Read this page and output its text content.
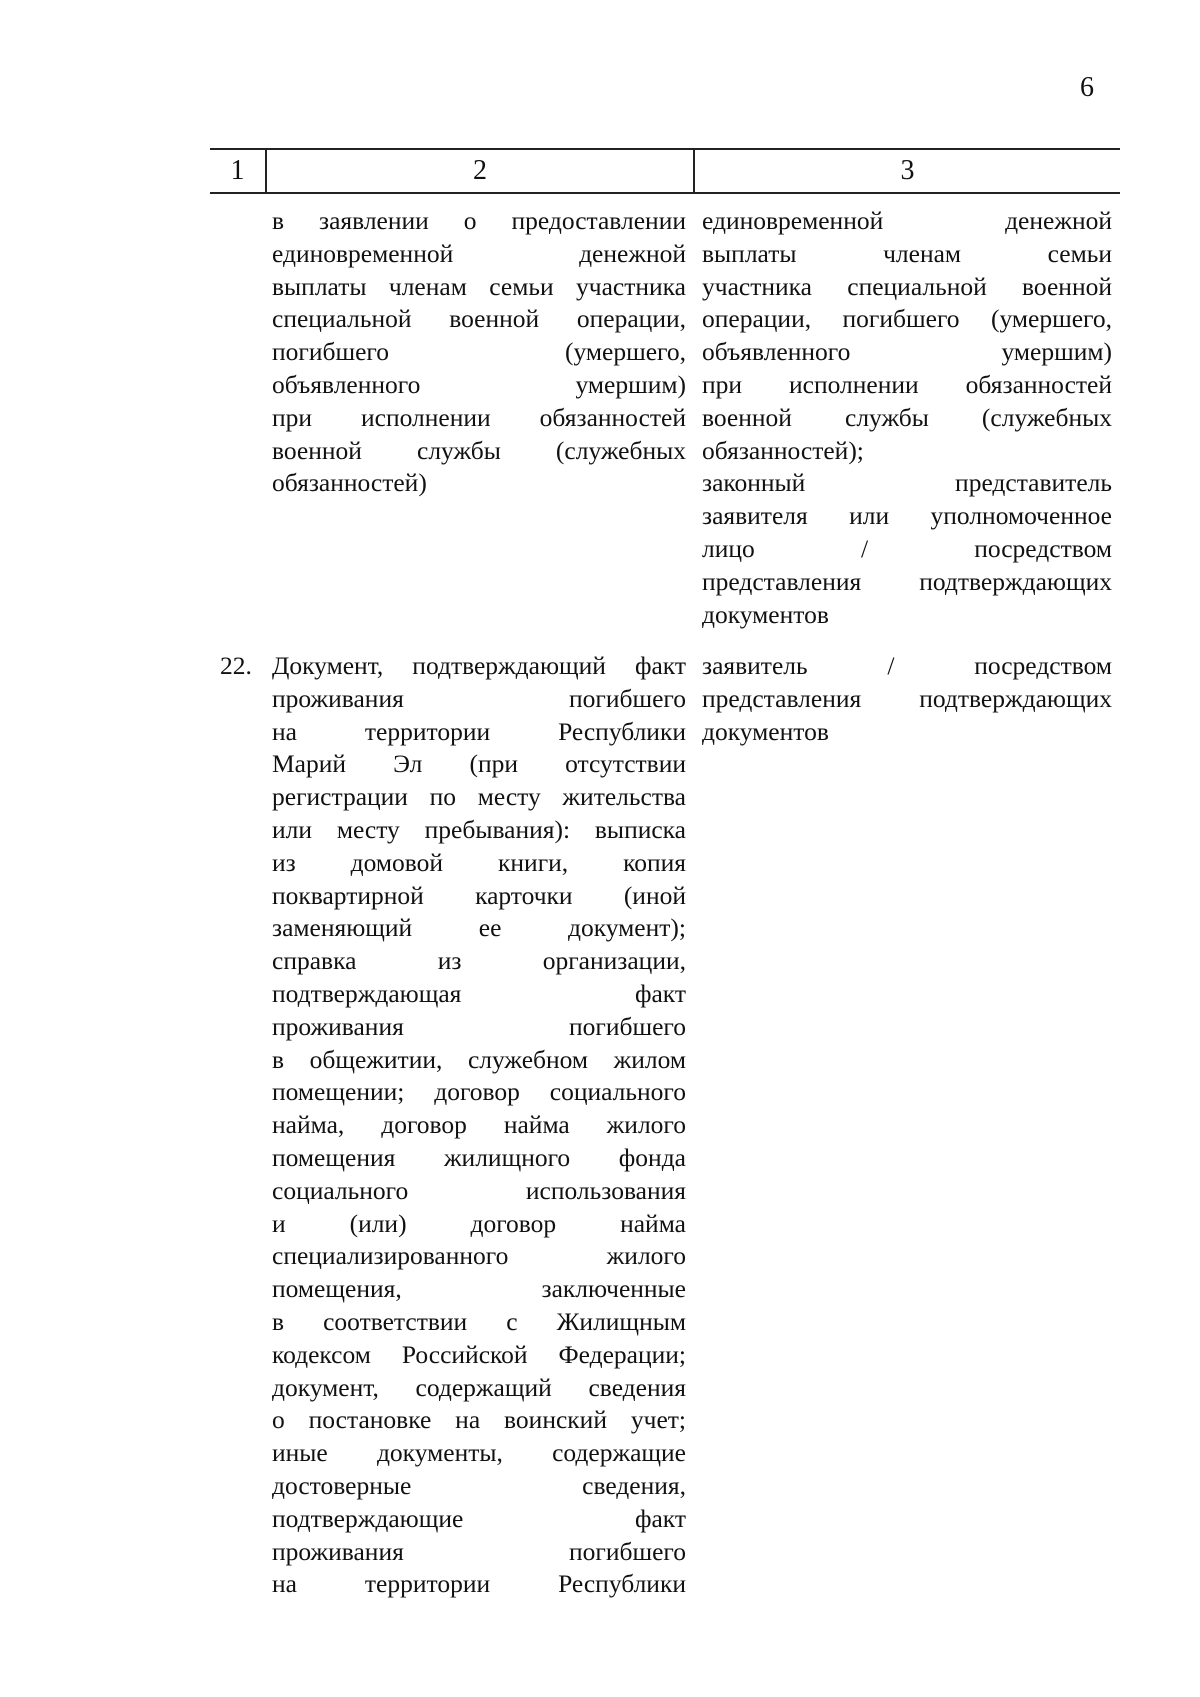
6
1	2	3
в заявлении о предоставлении
единовременной денежной
выплаты членам семьи участника
специальной военной операции,
погибшего (умершего,
объявленного умершим)
при исполнении обязанностей
военной службы (служебных
обязанностей)
единовременной денежной
выплаты членам семьи
участника специальной военной
операции, погибшего (умершего,
объявленного умершим)
при исполнении обязанностей
военной службы (служебных
обязанностей);
законный представитель
заявителя или уполномоченное
лицо / посредством
представления подтверждающих
документов
22. Документ, подтверждающий факт
проживания погибшего
на территории Республики
Марий Эл (при отсутствии
регистрации по месту жительства
или месту пребывания): выписка
из домовой книги, копия
поквартирной карточки (иной
заменяющий ее документ);
справка из организации,
подтверждающая факт
проживания погибшего
в общежитии, служебном жилом
помещении; договор социального
найма, договор найма жилого
помещения жилищного фонда
социального использования
и (или) договор найма
специализированного жилого
помещения, заключенные
в соответствии с Жилищным
кодексом Российской Федерации;
документ, содержащий сведения
о постановке на воинский учет;
иные документы, содержащие
достоверные сведения,
подтверждающие факт
проживания погибшего
на территории Республики
заявитель / посредством
представления подтверждающих
документов
